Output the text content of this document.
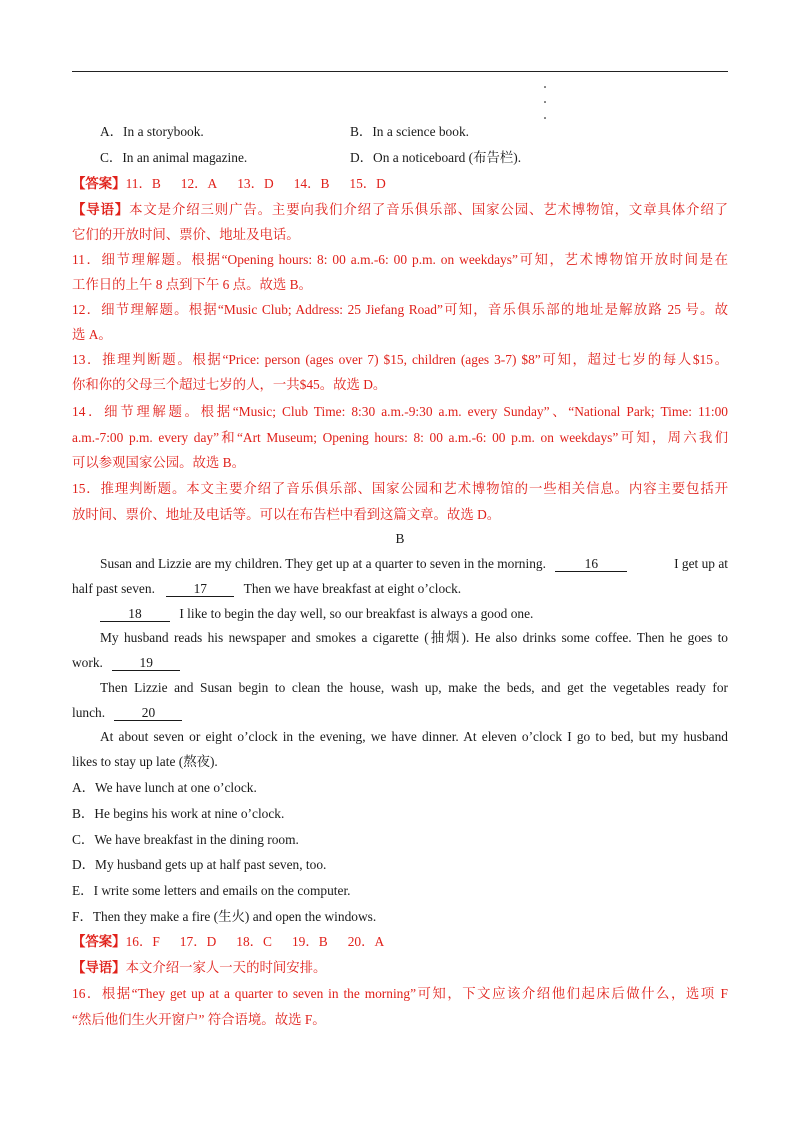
A．In a storybook.	B．In a science book.
C．In an animal magazine.	D．On a noticeboard (布告栏).
【答案】11．B 12．A 13．D 14．B 15．D
【导语】本文是介绍三则广告。主要向我们介绍了音乐俱乐部、国家公园、艺术博物馆，文章具体介绍了
它们的开放时间、票价、地址及电话。
11．细节理解题。根据“Opening hours: 8: 00 a.m.-6: 00 p.m. on weekdays”可知，艺术博物馆开放时间是在
工作日的上午 8 点到下午 6 点。故选 B。
12．细节理解题。根据“Music Club; Address: 25 Jiefang Road”可知，音乐俱乐部的地址是解放路 25 号。故
选 A。
13．推理判断题。根据“Price: person (ages over 7) $15, children (ages 3-7) $8”可知，超过七岁的每人$15。
你和你的父母三个超过七岁的人，一共$45。故选 D。
14．细节理解题。根据“Music; Club Time: 8:30 a.m.-9:30 a.m. every Sunday”、“National Park; Time: 11:00
a.m.-7:00 p.m. every day”和“Art Museum; Opening hours: 8: 00 a.m.-6: 00 p.m. on weekdays”可知，周六我们
可以参观国家公园。故选 B。
15．推理判断题。本文主要介绍了音乐俱乐部、国家公园和艺术博物馆的一些相关信息。内容主要包括开
放时间、票价、地址及电话等。可以在布告栏中看到这篇文章。故选 D。
B
Susan and Lizzie are my children. They get up at a quarter to seven in the morning.	16	I get up at
half past seven.	17	Then we have breakfast at eight o’clock.
18	I like to begin the day well, so our breakfast is always a good one.
My husband reads his newspaper and smokes a cigarette (抽烟). He also drinks some coffee. Then he goes to
work.	19
Then Lizzie and Susan begin to clean the house, wash up, make the beds, and get the vegetables ready for
lunch.	20
At about seven or eight o’clock in the evening, we have dinner. At eleven o’clock I go to bed, but my husband
likes to stay up late (熬夜).
A．We have lunch at one o’clock.
B．He begins his work at nine o’clock.
C．We have breakfast in the dining room.
D．My husband gets up at half past seven, too.
E．I write some letters and emails on the computer.
F．Then they make a fire (生火) and open the windows.
【答案】16．F 17．D 18．C 19．B 20．A
【导语】本文介绍一家人一天的时间安排。
16．根据“They get up at a quarter to seven in the morning”可知，下文应该介绍他们起床后做什么，选项 F
“然后他们生火开窗户” 符合语境。故选 F。
